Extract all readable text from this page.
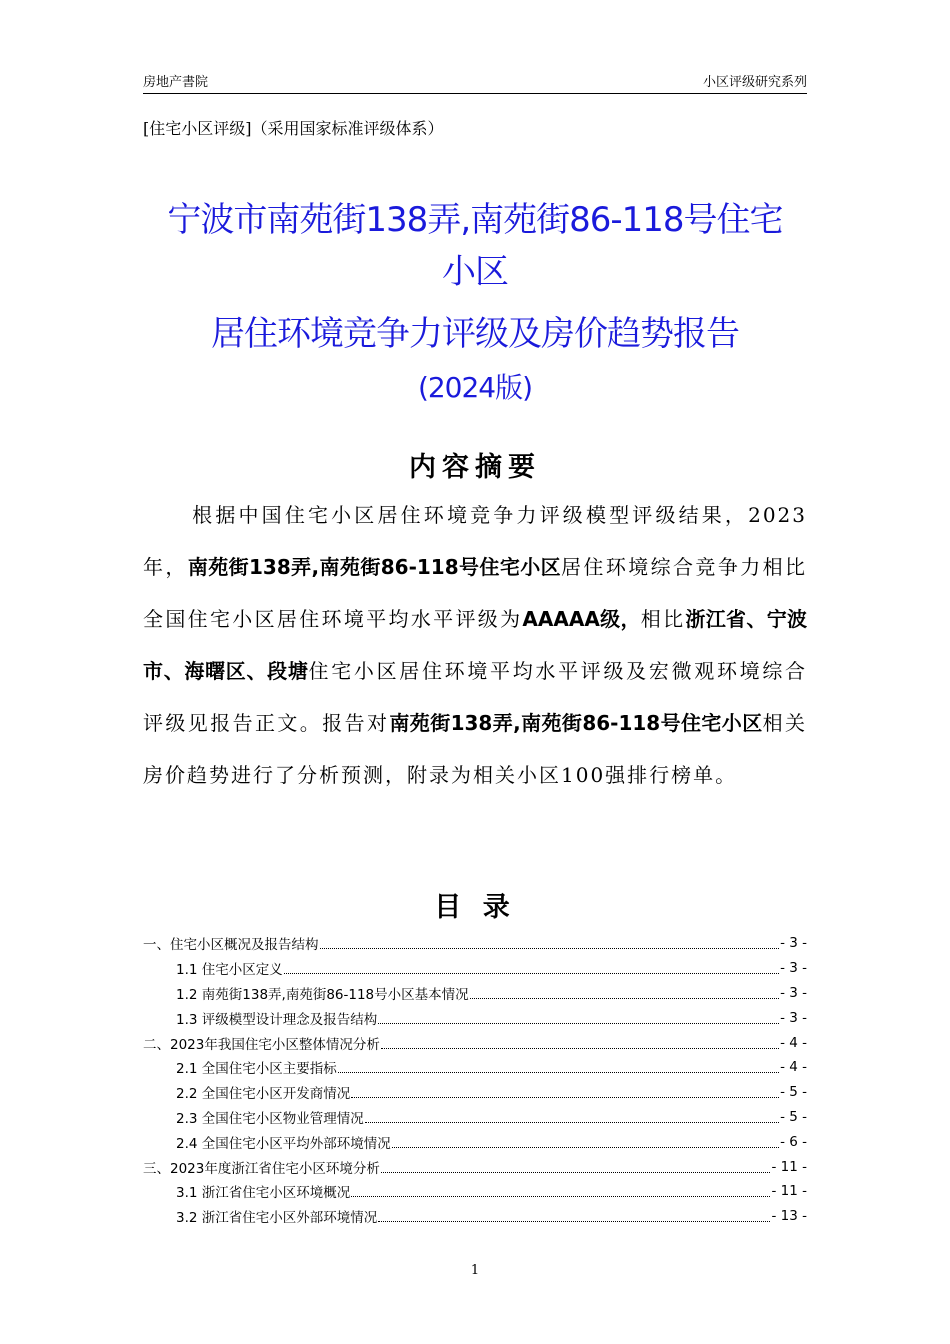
房地产書院	小区评级研究系列
[住宅小区评级]（采用国家标准评级体系）
宁波市南苑街138弄,南苑街86-118号住宅
小区
居住环境竞争力评级及房价趋势报告
(2024版)
内容摘要
根据中国住宅小区居住环境竞争力评级模型评级结果，2023年，南苑街138弄,南苑街86-118号住宅小区居住环境综合竞争力相比全国住宅小区居住环境平均水平评级为AAAAA级，相比浙江省、宁波市、海曙区、段塘住宅小区居住环境平均水平评级及宏微观环境综合评级见报告正文。报告对南苑街138弄,南苑街86-118号住宅小区相关房价趋势进行了分析预测，附录为相关小区100强排行榜单。
目 录
一、住宅小区概况及报告结构	- 3 -
1.1 住宅小区定义	- 3 -
1.2 南苑街138弄,南苑街86-118号小区基本情况	- 3 -
1.3 评级模型设计理念及报告结构	- 3 -
二、2023年我国住宅小区整体情况分析	- 4 -
2.1 全国住宅小区主要指标	- 4 -
2.2 全国住宅小区开发商情况	- 5 -
2.3 全国住宅小区物业管理情况	- 5 -
2.4 全国住宅小区平均外部环境情况	- 6 -
三、2023年度浙江省住宅小区环境分析	- 11 -
3.1 浙江省住宅小区环境概况	- 11 -
3.2 浙江省住宅小区外部环境情况	- 13 -
1
